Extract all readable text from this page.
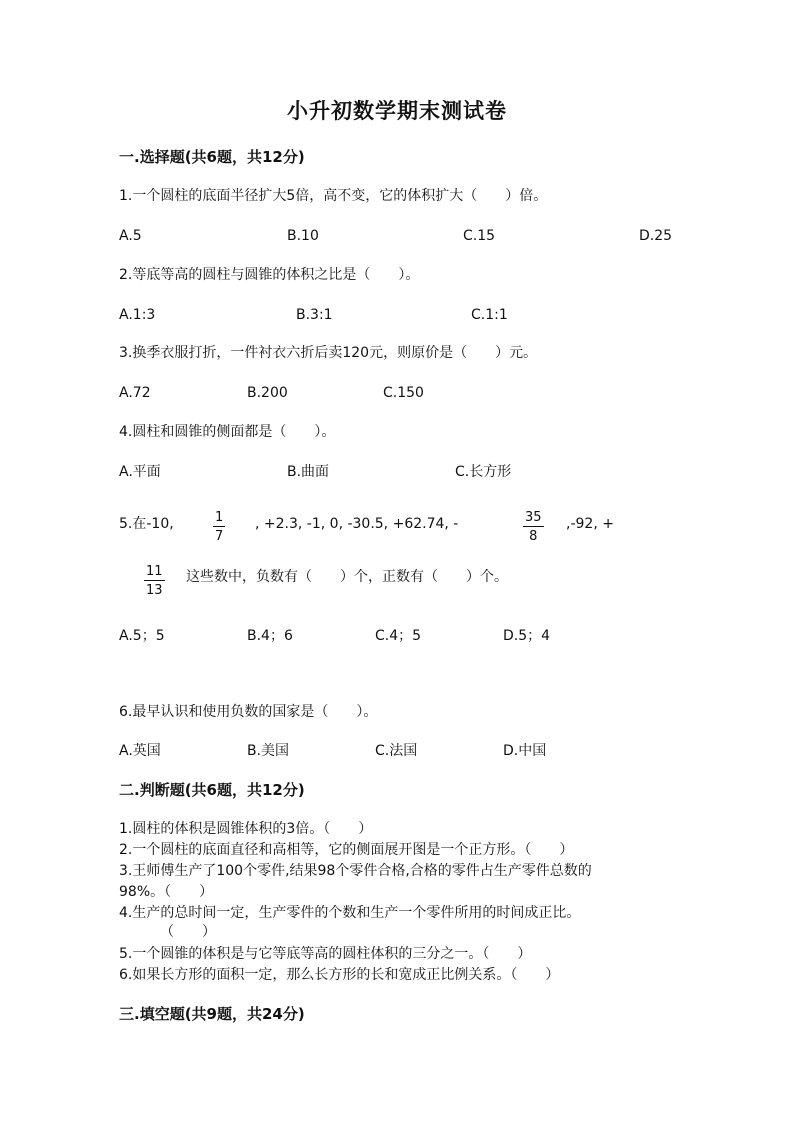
小升初数学期末测试卷
一.选择题(共6题，共12分)
1.一个圆柱的底面半径扩大5倍，高不变，它的体积扩大（　　）倍。
A.5	B.10	C.15	D.25
2.等底等高的圆柱与圆锥的体积之比是（　　）。
A.1:3	B.3:1	C.1:1
3.换季衣服打折，一件衬衣六折后卖120元，则原价是（　　）元。
A.72	B.200	C.150
4.圆柱和圆锥的侧面都是（　　）。
A.平面	B.曲面	C.长方形
5.在-10,	$\frac{1}{7}$ , +2.3, -1, 0, -30.5, +62.74, -	$\frac{35}{8} ,-92$, +
$\frac{11}{13}$ 这些数中，负数有（　　）个，正数有（　　）个。
A.5；5	B.4；6	C.4；5	D.5；4
6.最早认识和使用负数的国家是（　　）。
A.英国	B.美国	C.法国	D.中国
二.判断题(共6题，共12分)
1.圆柱的体积是圆锥体积的3倍。（　　）
2.一个圆柱的底面直径和高相等，它的侧面展开图是一个正方形。（　　）
3.王师傅生产了100个零件,结果98个零件合格,合格的零件占生产零件总数的
98%。（　　）
4.生产的总时间一定，生产零件的个数和生产一个零件所用的时间成正比。
（　　）
5.一个圆锥的体积是与它等底等高的圆柱体积的三分之一。（　　）
6.如果长方形的面积一定，那么长方形的长和宽成正比例关系。（　　）
三.填空题(共9题，共24分)
